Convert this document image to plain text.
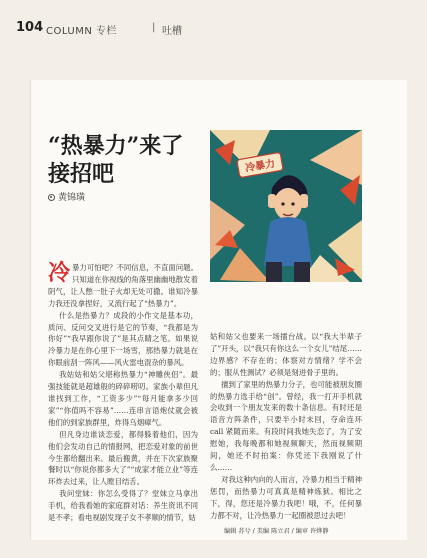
104 COLUMN 专栏	| 吐槽
“热暴力”来了
接招吧
黄锦璜
冷暴力

冷暴力可怕吧？不同信息，不直面问题。只知道在你视线的角落里幽幽地散发着阴气，让人憋一肚子火却无处可撒。谁知冷暴力我还没拿捏好，又流行起了“热暴力”。

什么是热暴力？成段的小作文是基本功，质问、反问交叉进行是它的节奏，“我都是为你好”“我早跟你说了”是其点睛之笔。如果说冷暴力是在你心里下一场雪，那热暴力就是在你眼前刮一阵风——风火雷电混杂的暴风。

我姑姑和姑父堪称热暴力“神雕侠侣”。最强技能就是超雄般的碎碎唠叨。家族小辈但凡谁找到工作，“工资多少”“每月能拿多少回家”“你值吗不容易”……连串言语炮仗就会被他们的到家族群里，炸得乌烟瘴气。

但凡身边谁谈恋爱，都得躲着他们，因为他们会发动自己的情报网，把恋爱对象的前世今生都给翻出来。最后搬黄，并在下次家族聚餐时以“你说你都多大了”“成家才能立业”等连环炸去过来，让人瞠目结舌。

我问堂妹：你怎么受得了？堂妹立马拿出手机，给我看她的家庭群对话：养生资讯不同是不孝；看电视剧发现子女不孝顺的情节，姑

姑和姑父也要来一场擂台战。以“我大半辈子了”开头，以“我只有你这么一个女儿”结尾……边界感？不存在的；体察对方情绪？学不会的；服从性测试？必须是刻进骨子里的。

擅到了家里的热暴力分子，也可能被朋友圈的热暴力选手给“创”。曾经，我一打开手机就会收到一个朋友发来的数十条信息。有时还是语音方阵条件，只要半小时未回，夺命连环 call 紧随而来。有段时间我她失恋了，为了安慰她，我每晚都和她视频聊天，然而视频期间，她还不时拍案：你凭还下我刚说了什么……

对我这种内向的人而言，冷暴力相当于精神惩罚，而热暴力可真真是精神炼狱。相比之下，得，您还是冷暴力我吧！哦，不，任何暴力都不对，让冷热暴力一起圈被思过去吧！

编辑 苏兮 / 美编 陈立君 / 编审 许烨静
